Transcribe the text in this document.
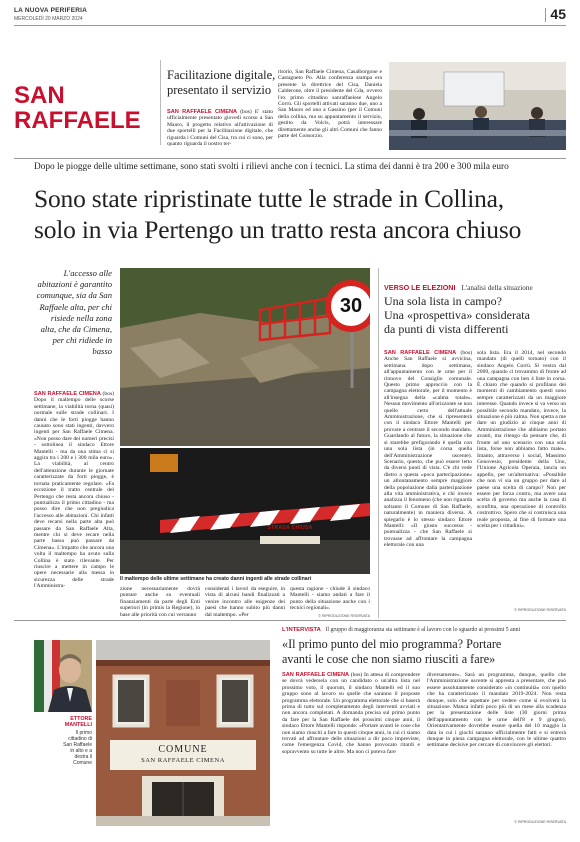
LA NUOVA PERIFERIA
MERCOLEDÌ 20 MARZO 2024	45
SAN
RAFFAELE
Facilitazione digitale,
presentato il servizio
SAN RAFFAELE CIMENA (bos) E' stato ufficialmente presentato giovedì scorso a San Mauro, il progetto relativo all'attivazione di due sportelli per la Facilitazione digitale, che riguarda i Comuni del Cisa, tra cui ci sono, per quanto riguarda il nostro ter-
ritorio, San Raffaele Cimena, Casalborgone e Castagneto Po. Alla conferenza stampa era presente la direttrice del Cisa, Daniela Calderone, oltre il presidente del Cda, ovvero l'ex primo cittadino sanraffaelese Angelo Corrù. Gli sportelli attivati saranno due, uno a San Mauro ed uno a Gassino (per il Comuni della collina, ma su appuntamento il servizio, gestito da Volcis, potrà interessare direttamente anche gli altri Comuni che fanno parte del Consorzio.
Dopo le piogge delle ultime settimane, sono stati svolti i rilievi anche con i tecnici. La stima dei danni è tra 200 e 300 mila euro
Sono state ripristinate tutte le strade in Collina,
solo in via Pertengo un tratto resta ancora chiuso
L'accesso alle abitazioni è garantito comunque, sia da San Raffaele alta, per chi risiede nella zona alta, che da Cimena, per chi ridiede in basso
SAN RAFFAELE CIMENA (bos) Dopo il maltempo delle scorse settimane, la viabilità torna (quasi) normale sulle strade collinari. I danni che le forti piogge hanno causato sono stati ingenti, davvero ingenti per San Raffaele Cimena. «Non posso dare dei numeri precisi - sottolinea il sindaco Ettore Mantelli - ma da una stima ci si aggira tra i 200 e i 300 mila euro». La viabilità, al centro dell'attenzione durante le giornate caratterizzate da forti piogge, è tornata praticamente regolare. «Fa eccezione il tratto centrale del Pertengo che resta ancora chiuso - puntualizza il primo cittadino - ma posso dire che non pregiudica l'accesso alle abitazioni. Chi infatti deve recarsi nella parte alta può passare da San Raffaele Alta, mentre chi si deve recare nella parte bassa può passare da Cimena». L'impatto che ancora una volta il maltempo ha avuto sulla Collina è stato rilevante. Per riuscire a mettere in campo le opere necessarie alla messa in sicurezza delle strade l'Amministra-
30
STRADA CHIUSA
Il maltempo delle ultime settimane ha creato danni ingenti alle strade collinari
zione necessariamente dovrà puntare anche su eventuali finanziamenti da parte degli Enti superiori (in primis la Regione), in base alle priorità con cui verranno
considerati i lavori da eseguire, in vista di alcuni bandi finalizzati a venire incontro alle esigenze dei paesi che hanno subito più danni dal maltempo. «Per
questa ragione - chiude il sindaco Mantelli - siamo andati a fare il punto della situazione anche con i tecnici regionali».
© RIPRODUZIONE RISERVATA
VERSO LE ELEZIONI L'analisi della situazione
Una sola lista in campo?
Una «prospettiva» considerata
da punti di vista differenti
SAN RAFFAELE CIMENA (bos) Anche San Raffaele si avvicina, settimana dopo settimana, all'appuntamento con le urne per il rinnovo del Consiglio comunale. Questo primo approccio con la campagna elettorale, per il momento è all'insegna della «calma totale». Nessun movimento all'orizzonte se non quello certo dell'attuale Amministrazione, che si ripresenterà con il sindaco Ettore Mantelli per provare a centrare il secondo mandato. Guardando al futuro, la situazione che si starebbe prefigurando è quella con una sola lista (in corsa quella dell'Amministrazione uscente). Scenario, questo, che può essere letto da diversi punti di vista. C'è chi vede dietro a questa «poca partecipazione» un allontanamento sempre maggiore della popolazione dalla partecipazione alla vita amministrativa, e chi invece analizza il fenomeno (che non riguarda soltanto il Comune di San Raffaele, naturalmente) in maniera diversa. A spiegarlo è lo stesso sindaco Ettore Mantelli: «Il giusto successo - puntualizza - che San Raffaele si trovasse ad affrontare la campagna elettorale con una
sola lista. Era il 2014, nel secondo mandato (di quelli tornato) con il sindaco Angelo Corrù. Si vestra dal 2009, quando ci trovammo di fronte ad una campagna con ben 4 liste in corsa. È chiaro che quando si profilano dei momenti di cambiamento questi sono sempre caratterizzati da un maggiore interesse. Quando invece si va verso un possibile secondo mandato, invece, la situazione è più calma. Non spetta a me dare un giudizio ai cinque anni di Amministrazione che abbiamo portato avanti, ma ritengo da pensare che, di fronte ad uno scenario con una sola lista, forse non abbiamo fatto male». Intanto, attraverso i social, Massimo Genovesio, presidente della Uno, l'Unione Agricola Operaia, lancia un appello, per un'alternativa: «Possibile che non vi sia un gruppo per dare al paese una scelta di campo? Non per essere per forza contro, ma avere una scelta di governo ma anche la casa di sconfitta, una operazione di controllo costruttivo. Spero che si costruisca una reale proposta, al fine di formare una scelta per i cittadini».
© RIPRODUZIONE RISERVATA
ETTORE
MANTELLI
Il primo cittadino di San Raffaele in alto e a destra il Comune
COMUNE
SAN RAFFAELE CIMENA
L'INTERVISTA Il gruppo di maggioranza sta settimane è al lavoro con lo sguardo ai prossimi 5 anni
«Il primo punto del mio programma? Portare
avanti le cose che non siamo riusciti a fare»
SAN RAFFAELE CIMENA (bos) In attesa di comprendere se dovrà vedersela con un candidato o un'altra lista nel prossimo voto, il quorum, il sindaco Mantelli ed il suo gruppo sono al lavoro su quelle che saranno il proposte programma elettorale. Un programma elettorale che si baserà prima di tutto sul completamento degli interventi avviati e non ancora completati. A domanda precisa sul primo punto da fare per la San Raffaele dei prossimi cinque anni, il sindaco Ettore Mantelli risponde: «Portare avanti le cose che non siamo riusciti a fare in questi cinque anni, in cui ci siamo trovati ad affrontare delle situazioni a dir poco impreviste, come l'emergenza Covid, che hanno provocato ritardi e sopravvento su tutte le altre. Ma non ci poteva fare
diversamente». Sarà un programma, dunque, quello che l'Amministrazione uscente si appresta a presentare, che può essere assolutamente considerato «in continuità» con quello che ha caratterizzato il mandato 2019-2024. Non resta dunque, solo che aspettare per vedere come si evolverà la situazione. Manca infatti poco più di un mese alla scadenza per la presentazione delle liste (30 giorni prima dell'appuntamento con le urne dell'8 e 9 giugno). Orientativamente dovrebbe essere quella del 10 maggio la data in cui i giochi saranno ufficialmente fatti e si entrerà dunque in piena campagna elettorale, con le ultime quattro settimane decisive per cercare di convincere gli elettori.
© RIPRODUZIONE RISERVATA
